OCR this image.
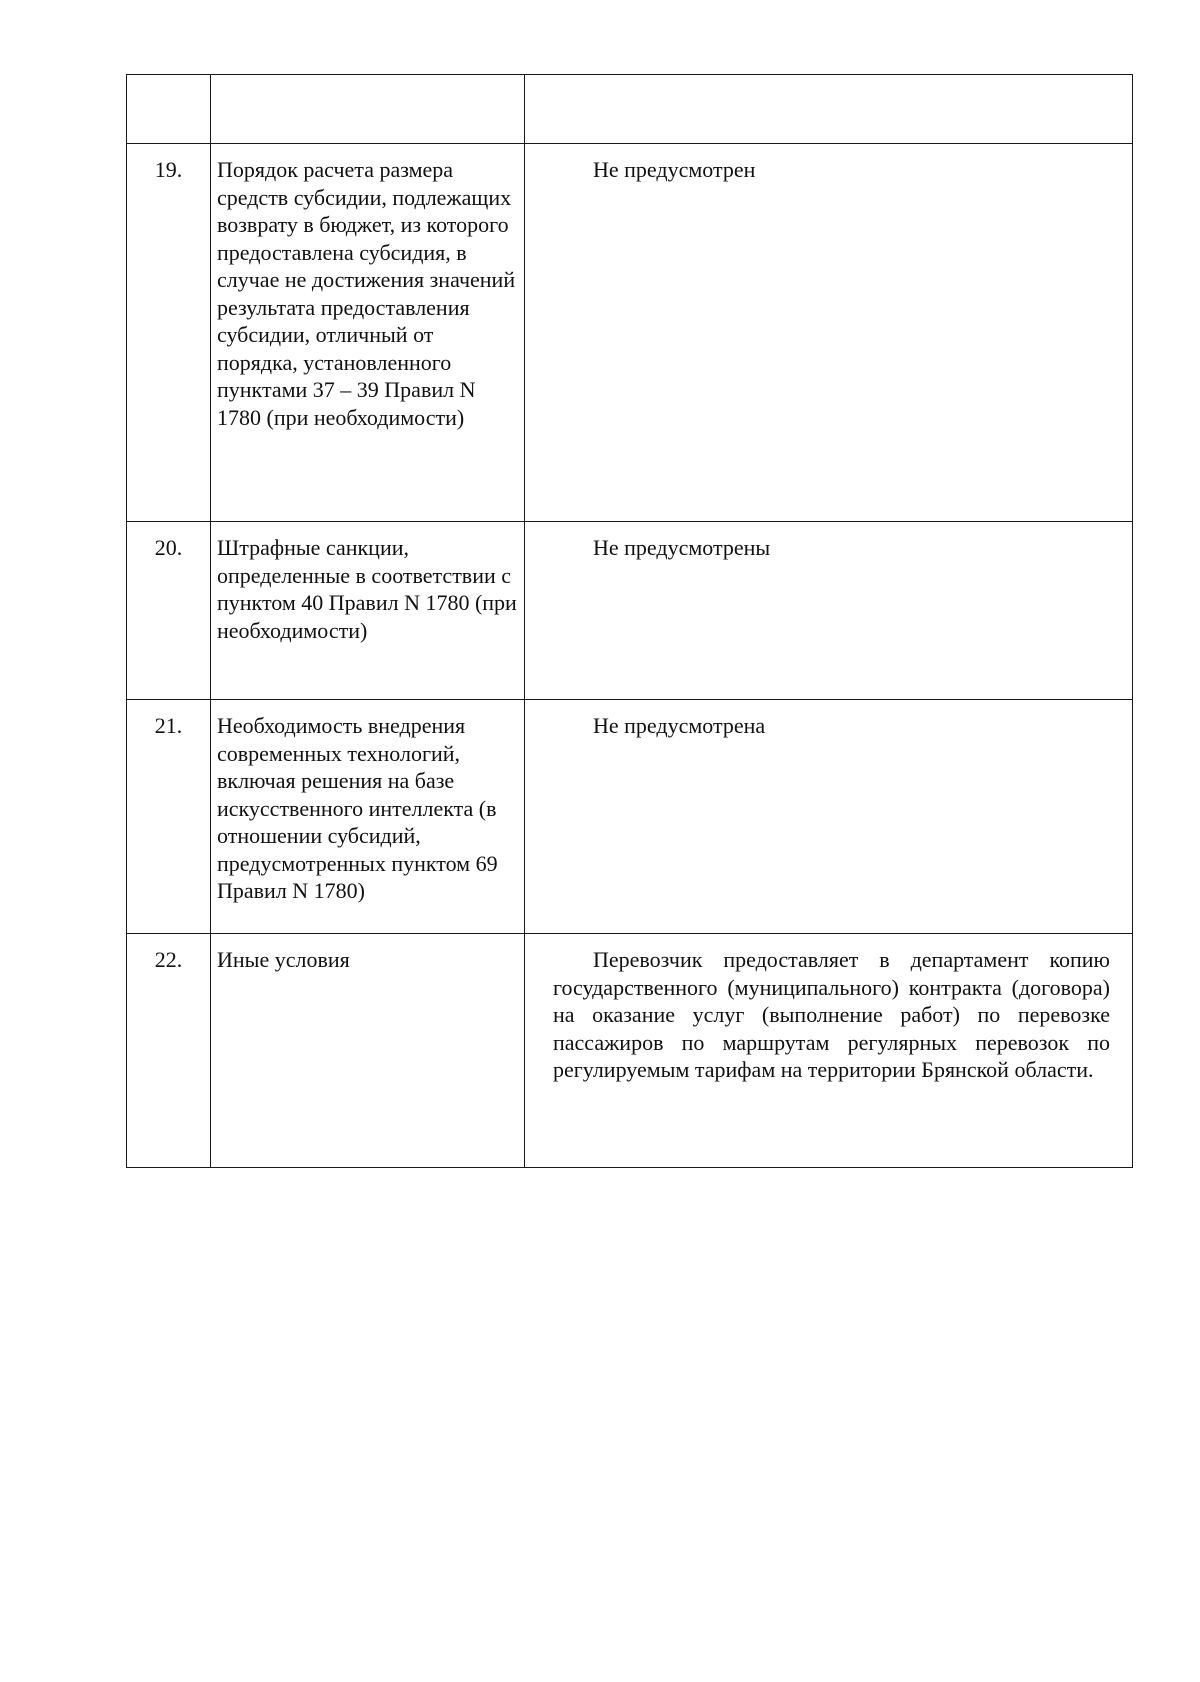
19.	Порядок расчета размера средств субсидии, подлежащих возврату в бюджет, из которого предоставлена субсидия, в случае не достижения значений результата предоставления субсидии, отличный от порядка, установленного пунктами 37 – 39 Правил N 1780 (при необходимости)	Не предусмотрен
20.	Штрафные санкции, определенные в соответствии с пунктом 40 Правил N 1780 (при необходимости)	Не предусмотрены
21.	Необходимость внедрения современных технологий, включая решения на базе искусственного интеллекта (в отношении субсидий, предусмотренных пунктом 69 Правил N 1780)	Не предусмотрена
22.	Иные условия	Перевозчик предоставляет в департамент копию государственного (муниципального) контракта (договора) на оказание услуг (выполнение работ) по перевозке пассажиров по маршрутам регулярных перевозок по регулируемым тарифам на территории Брянской области.
